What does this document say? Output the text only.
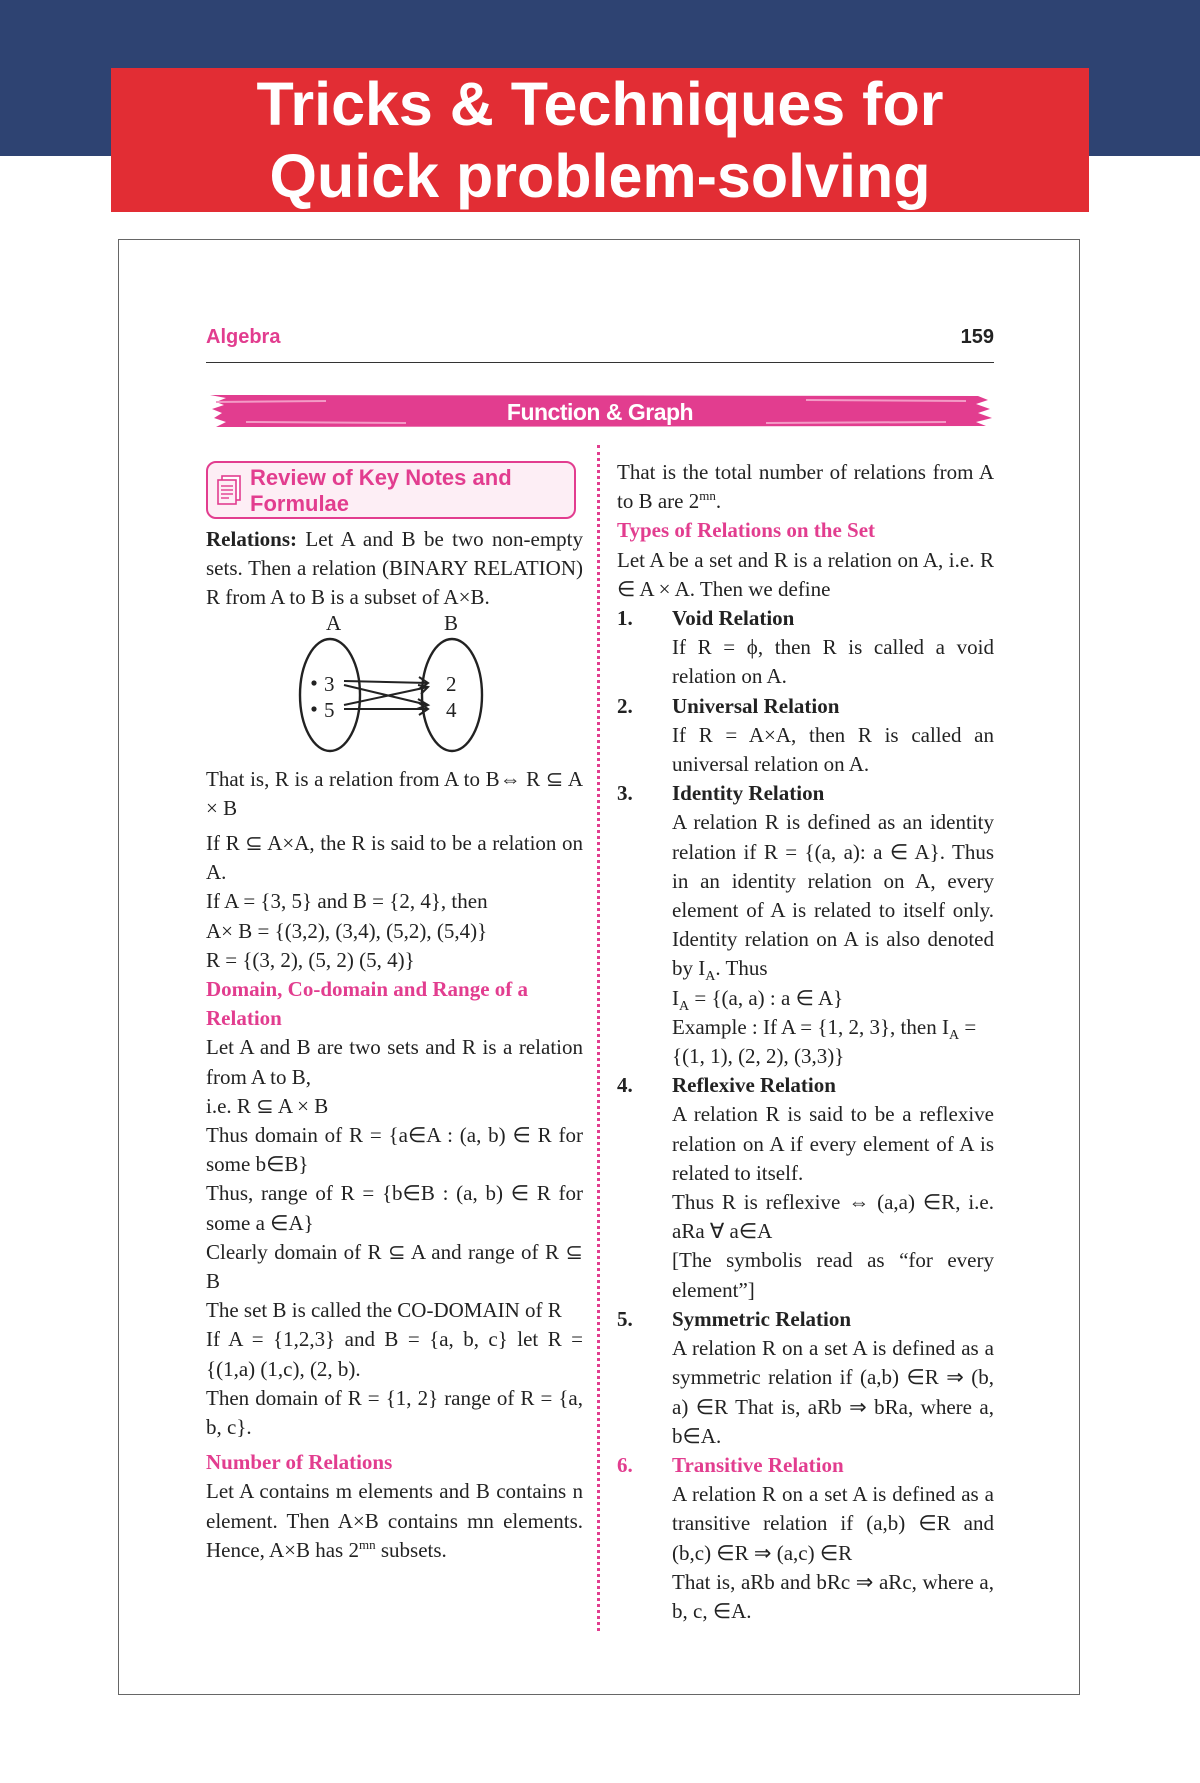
Tricks & Techniques for
Quick problem-solving
Algebra	159
Function & Graph
Review of Key Notes and
Formulae

Relations: Let A and B be two non-empty sets. Then a relation (BINARY RELATION) R from A to B is a subset of A×B.

A	B
3
5
2
4

That is, R is a relation from A to B⇔ R ⊆ A × B

If R ⊆ A×A, the R is said to be a relation on A.

If A = {3, 5} and B = {2, 4}, then

A× B = {(3,2), (3,4), (5,2), (5,4)}

R = {(3, 2), (5, 2) (5, 4)}

Domain, Co-domain and Range of a Relation

Let A and B are two sets and R is a relation from A to B,

i.e. R ⊆ A × B

Thus domain of R = {a∈A : (a, b) ∈ R for some b∈B}

Thus, range of R = {b∈B : (a, b) ∈ R for some a ∈A}

Clearly domain of R ⊆ A and range of R ⊆ B

The set B is called the CO-DOMAIN of R

If A = {1,2,3} and B = {a, b, c} let R = {(1,a) (1,c), (2, b).

Then domain of R = {1, 2} range of R = {a, b, c}.

Number of Relations

Let A contains m elements and B contains n element. Then A×B contains mn elements. Hence, A×B has $2^{mn}$ subsets.

That is the total number of relations from A to B are $2^{mn}$.

Types of Relations on the Set

Let A be a set and R is a relation on A, i.e. R ∈ A × A. Then we define

1. Void Relation

If R = ϕ, then R is called a void relation on A.

2. Universal Relation

If R = A×A, then R is called an universal relation on A.

3. Identity Relation

A relation R is defined as an identity relation if R = {(a, a): a ∈ A}. Thus in an identity relation on A, every element of A is related to itself only. Identity relation on A is also denoted by $I_A$. Thus

$I_A = \{(a$, a) : a ∈ A}

Example : If A = {1, 2, 3}, then $I_A = \{(1$, 1), (2, 2), (3,3)}

4. Reflexive Relation

A relation R is said to be a reflexive relation on A if every element of A is related to itself.

Thus R is reflexive ⇔ (a,a) ∈R, i.e. aRa ∀ a∈A

[The symbolis read as “for every element”]

5. Symmetric Relation

A relation R on a set A is defined as a symmetric relation if (a,b) ∈R ⇒ (b, a) ∈R That is, aRb ⇒ bRa, where a, b∈A.

6. Transitive Relation

A relation R on a set A is defined as a transitive relation if (a,b) ∈R and (b,c) ∈R ⇒ (a,c) ∈R

That is, aRb and bRc ⇒ aRc, where a, b, c, ∈A.
